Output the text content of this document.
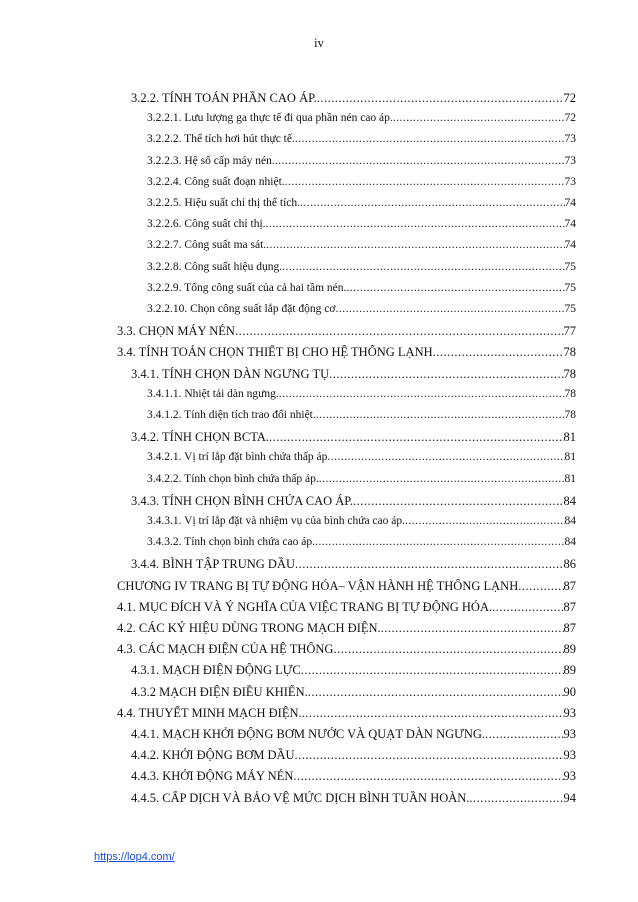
iv
3.2.2. TÍNH TOÁN PHẦN CAO ÁP. .....	72
3.2.2.1. Lưu lượng ga thực tế đi qua phần nén cao áp. .....	72
3.2.2.2. Thể tích hơi hút thực tế. .....	73
3.2.2.3. Hệ số cấp máy nén. .....	73
3.2.2.4. Công suất đoạn nhiệt. .....	73
3.2.2.5. Hiệu suất chỉ thị thể tích. .....	74
3.2.2.6. Công suất chỉ thị. .....	74
3.2.2.7. Công suất ma sát. .....	74
3.2.2.8. Công suất hiệu dụng. .....	75
3.2.2.9. Tổng công suất của cả hai tầm nén. .....	75
3.2.2.10. Chọn công suất lắp đặt động cơ .....	75
3.3. CHỌN MÁY NÉN .....	77
3.4. TÍNH TOÁN CHỌN THIẾT BỊ CHO HỆ THỐNG LẠNH .....	78
3.4.1. TÍNH CHỌN DÀN NGƯNG TỤ .....	78
3.4.1.1. Nhiệt tải dàn ngưng. .....	78
3.4.1.2. Tính diện tích trao đổi nhiệt. .....	78
3.4.2. TÍNH CHỌN BCTA. .....	81
3.4.2.1. Vị trí lắp đặt bình chứa thấp áp .....	81
3.4.2.2. Tính chọn bình chứa thấp áp. .....	81
3.4.3. TÍNH CHỌN BÌNH CHỨA CAO ÁP. .....	84
3.4.3.1. Vị trí lắp đặt và nhiệm vụ của bình chứa cao áp. .....	84
3.4.3.2. Tính chọn bình chứa cao áp. .....	84
3.4.4. BÌNH TẬP TRUNG DẦU .....	86
CHƯƠNG IV TRANG BỊ TỰ ĐỘNG HÓA– VẬN HÀNH HỆ THỐNG LẠNH .....	87
4.1. MỤC ĐÍCH VÀ Ý NGHĨA CỦA VIỆC TRANG BỊ TỰ ĐỘNG HÓA. .....	87
4.2. CÁC KÝ HIỆU DÙNG TRONG MẠCH ĐIỆN. .....	87
4.3. CÁC MẠCH ĐIỆN CỦA HỆ THỐNG .....	89
4.3.1. MẠCH ĐIỆN ĐỘNG LỰC .....	89
4.3.2 MẠCH ĐIỆN ĐIỀU KHIỂN. .....	90
4.4. THUYẾT MINH MẠCH ĐIỆN. .....	93
4.4.1. MẠCH KHỞI ĐỘNG BƠM NƯỚC VÀ QUẠT DÀN NGƯNG. .....	93
4.4.2. KHỞI ĐỘNG BƠM DẦU .....	93
4.4.3. KHỞI ĐỘNG MÁY NÉN .....	93
4.4.5. CẤP DỊCH VÀ BẢO VỆ MỨC DỊCH BÌNH TUẦN HOÀN. .....	94
https://lop4.com/
